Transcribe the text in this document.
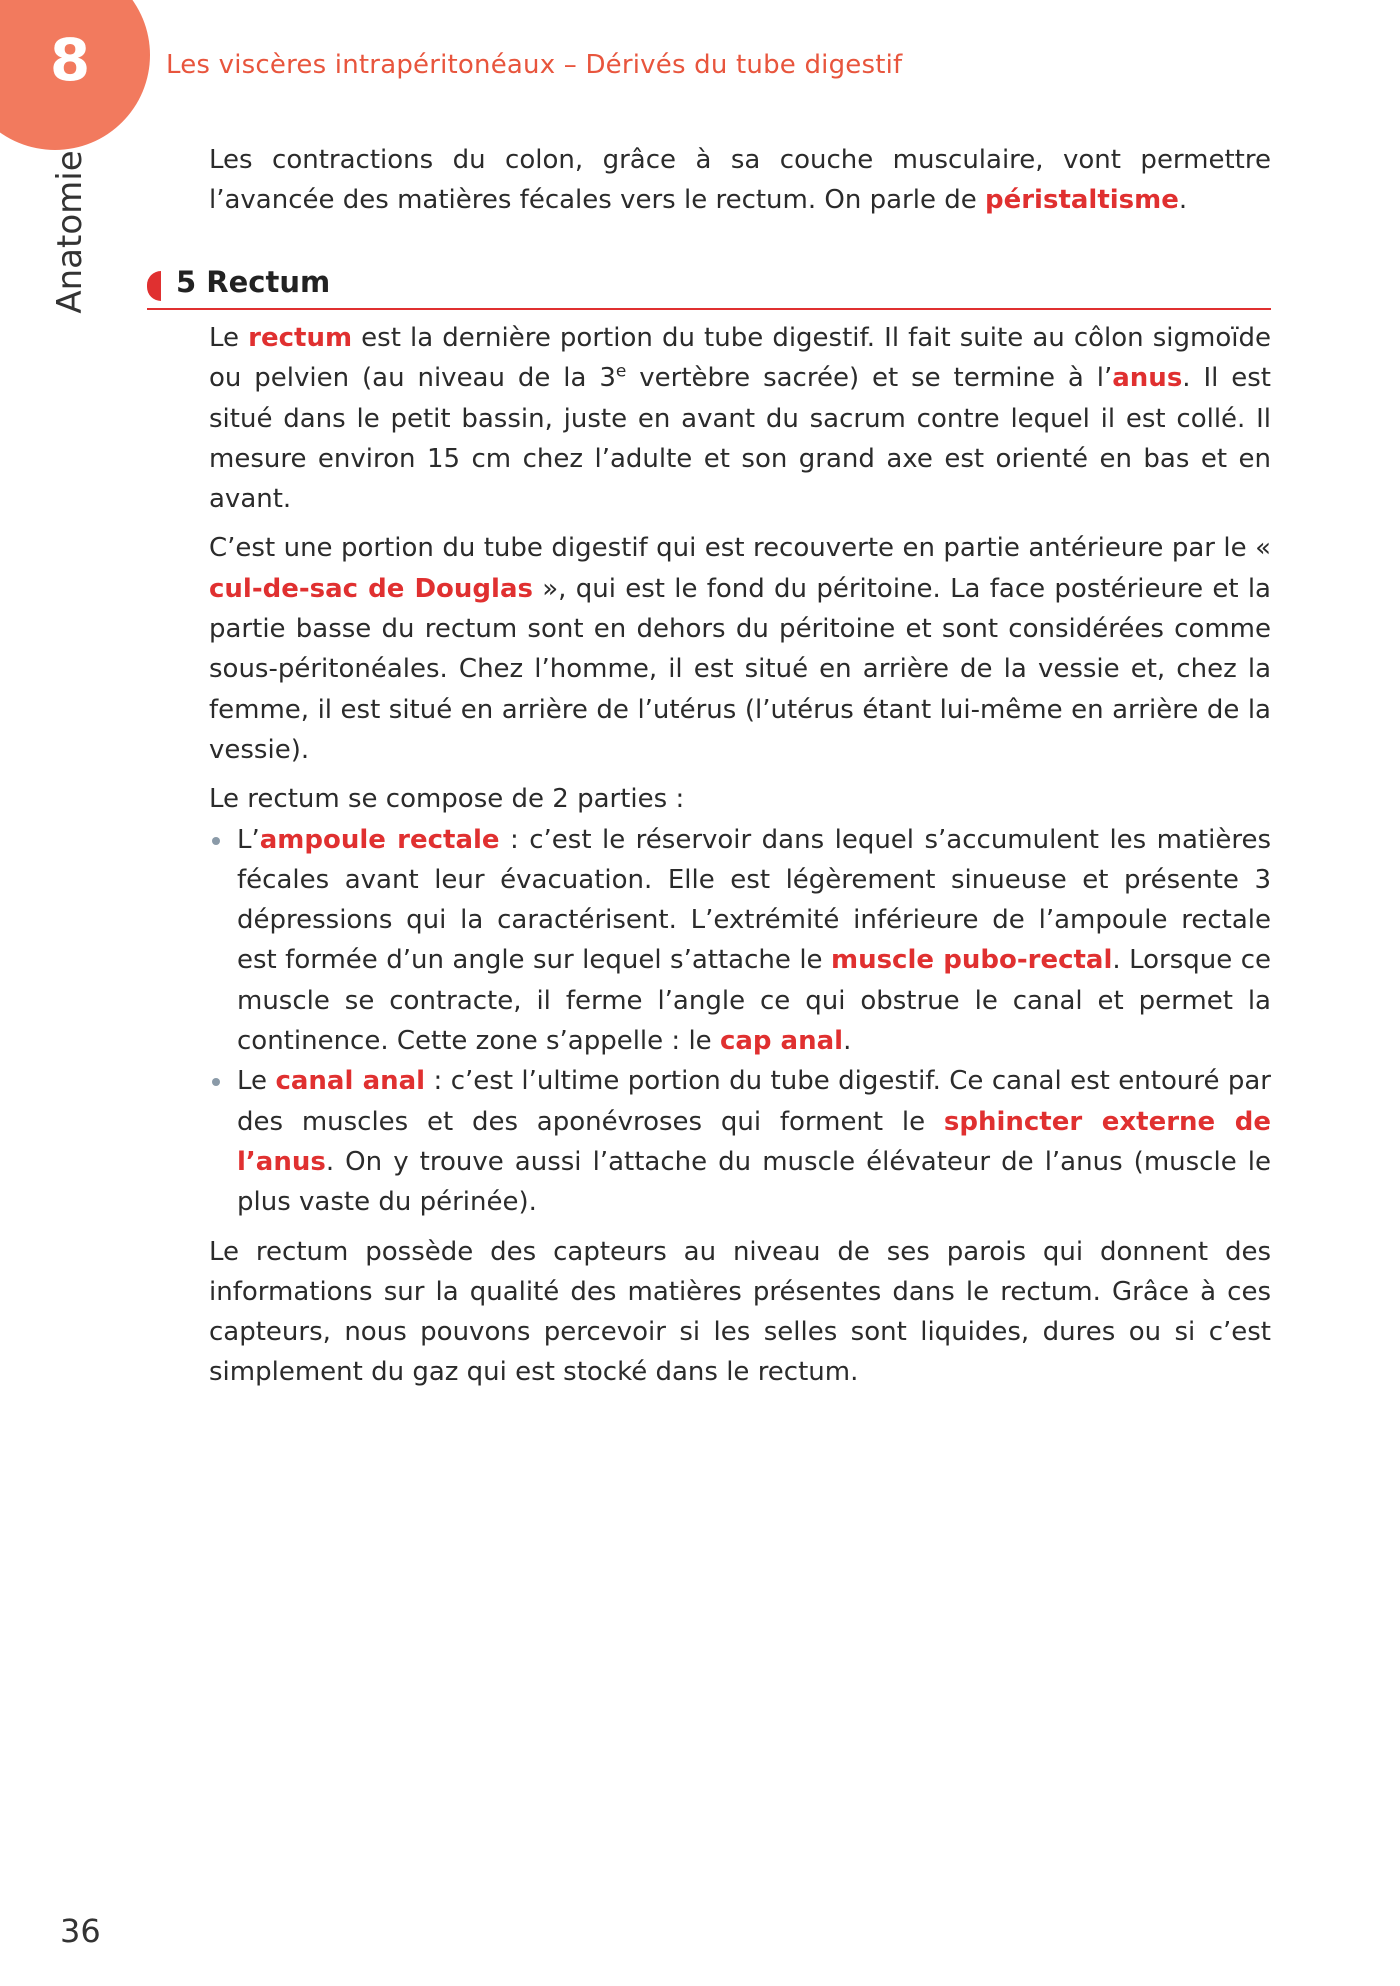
8	Les viscères intrapéritonéaux – Dérivés du tube digestif
Anatomie	Les contractions du colon, grâce à sa couche musculaire, vont permettre l’avancée des matières fécales vers le rectum. On parle de péristaltisme.

5 Rectum

Le rectum est la dernière portion du tube digestif. Il fait suite au côlon sigmoïde ou pelvien (au niveau de la 3e vertèbre sacrée) et se termine à l’anus. Il est situé dans le petit bassin, juste en avant du sacrum contre lequel il est collé. Il mesure environ 15 cm chez l’adulte et son grand axe est orienté en bas et en avant.

C’est une portion du tube digestif qui est recouverte en partie antérieure par le « cul-de-sac de Douglas », qui est le fond du péritoine. La face postérieure et la partie basse du rectum sont en dehors du péritoine et sont considérées comme sous-péritonéales. Chez l’homme, il est situé en arrière de la vessie et, chez la femme, il est situé en arrière de l’utérus (l’utérus étant lui-même en arrière de la vessie).

Le rectum se compose de 2 parties :

L’ampoule rectale : c’est le réservoir dans lequel s’accumulent les matières fécales avant leur évacuation. Elle est légèrement sinueuse et présente 3 dépressions qui la caractérisent. L’extrémité inférieure de l’ampoule rectale est formée d’un angle sur lequel s’attache le muscle pubo-rectal. Lorsque ce muscle se contracte, il ferme l’angle ce qui obstrue le canal et permet la continence. Cette zone s’appelle : le cap anal.
Le canal anal : c’est l’ultime portion du tube digestif. Ce canal est entouré par des muscles et des aponévroses qui forment le sphincter externe de l’anus. On y trouve aussi l’attache du muscle élévateur de l’anus (muscle le plus vaste du périnée).

Le rectum possède des capteurs au niveau de ses parois qui donnent des informations sur la qualité des matières présentes dans le rectum. Grâce à ces capteurs, nous pouvons percevoir si les selles sont liquides, dures ou si c’est simplement du gaz qui est stocké dans le rectum.

36
